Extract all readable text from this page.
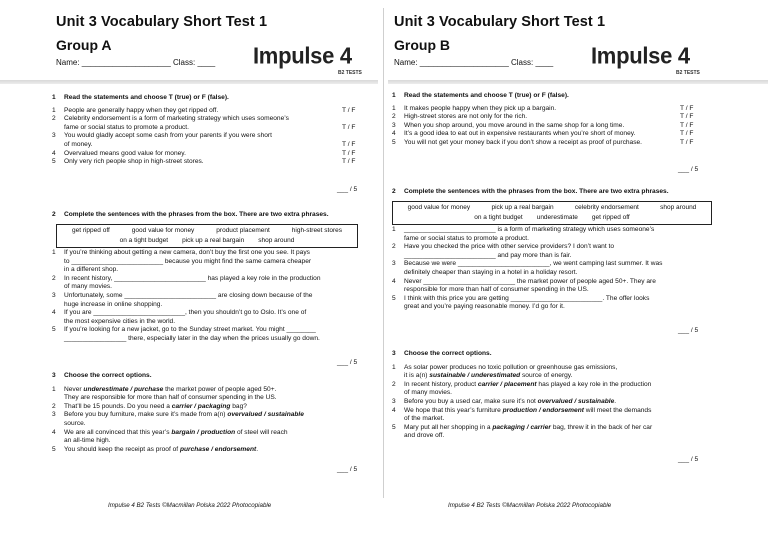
Unit 3 Vocabulary Short Test 1
Group A
Name: ____________________ Class: ____ Impulse 4
B2 TESTS
1	Read the statements and choose T (true) or F (false).
1	People are generally happy when they get ripped off.	T / F
2	Celebrity endorsement is a form of marketing strategy which uses someone’s
fame or social status to promote a product.	T / F
3	You would gladly accept some cash from your parents if you were short
of money.	T / F
4	Overvalued means good value for money.	T / F
5	Only very rich people shop in high-street stores.	T / F
___ / 5
2	Complete the sentences with the phrases from the box. There are two extra phrases.
get ripped off	good value for money	product placement	high-street stores
on a tight budget pick up a real bargain shop around
1	If you’re thinking about getting a new camera, don’t buy the first one you see. It pays
to _________________________ because you might find the same camera cheaper
in a different shop.
2	In recent history, _________________________ has played a key role in the production
of many movies.
3	Unfortunately, some _________________________ are closing down because of the
huge increase in online shopping.
4	If you are _________________________, then you shouldn’t go to Oslo. It’s one of
the most expensive cities in the world.
5	If you’re looking for a new jacket, go to the Sunday street market. You might ________
_________________ there, especially later in the day when the prices usually go down.
___ / 5
3	Choose the correct options.
1	Never underestimate / purchase the market power of people aged 50+.
They are responsible for more than half of consumer spending in the US.
2	That’ll be 15 pounds. Do you need a carrier / packaging bag?
3	Before you buy furniture, make sure it’s made from a(n) overvalued / sustainable
source.
4	We are all convinced that this year’s bargain / production of steel will reach
an all-time high.
5	You should keep the receipt as proof of purchase / endorsement.
___ / 5
Impulse 4 B2 Tests ©Macmillan Polska 2022 Photocopiable
Unit 3 Vocabulary Short Test 1
Group B
Name: ____________________ Class: ____ Impulse 4
B2 TESTS
1	Read the statements and choose T (true) or F (false).
1	It makes people happy when they pick up a bargain.	T / F
2	High-street stores are not only for the rich.	T / F
3	When you shop around, you move around in the same shop for a long time.	T / F
4	It’s a good idea to eat out in expensive restaurants when you’re short of money.	T / F
5	You will not get your money back if you don’t show a receipt as proof of purchase.	T / F
___ / 5
2	Complete the sentences with the phrases from the box. There are two extra phrases.
good value for money	pick up a real bargain	celebrity endorsement	shop around
on a tight budget underestimate get ripped off
1	_________________________ is a form of marketing strategy which uses someone’s
fame or social status to promote a product.
2	Have you checked the price with other service providers? I don’t want to
_________________________ and pay more than is fair.
3	Because we were _________________________, we went camping last summer. It was
definitely cheaper than staying in a hotel in a holiday resort.
4	Never _________________________ the market power of people aged 50+. They are
responsible for more than half of consumer spending in the US.
5	I think with this price you are getting _________________________. The offer looks
great and you’re paying reasonable money. I’d go for it.
___ / 5
3	Choose the correct options.
1	As solar power produces no toxic pollution or greenhouse gas emissions,
it is a(n) sustainable / underestimated source of energy.
2	In recent history, product carrier / placement has played a key role in the production
of many movies.
3	Before you buy a used car, make sure it’s not overvalued / sustainable.
4	We hope that this year’s furniture production / endorsement will meet the demands
of the market.
5	Mary put all her shopping in a packaging / carrier bag, threw it in the back of her car
and drove off.
___ / 5
Impulse 4 B2 Tests ©Macmillan Polska 2022 Photocopiable
